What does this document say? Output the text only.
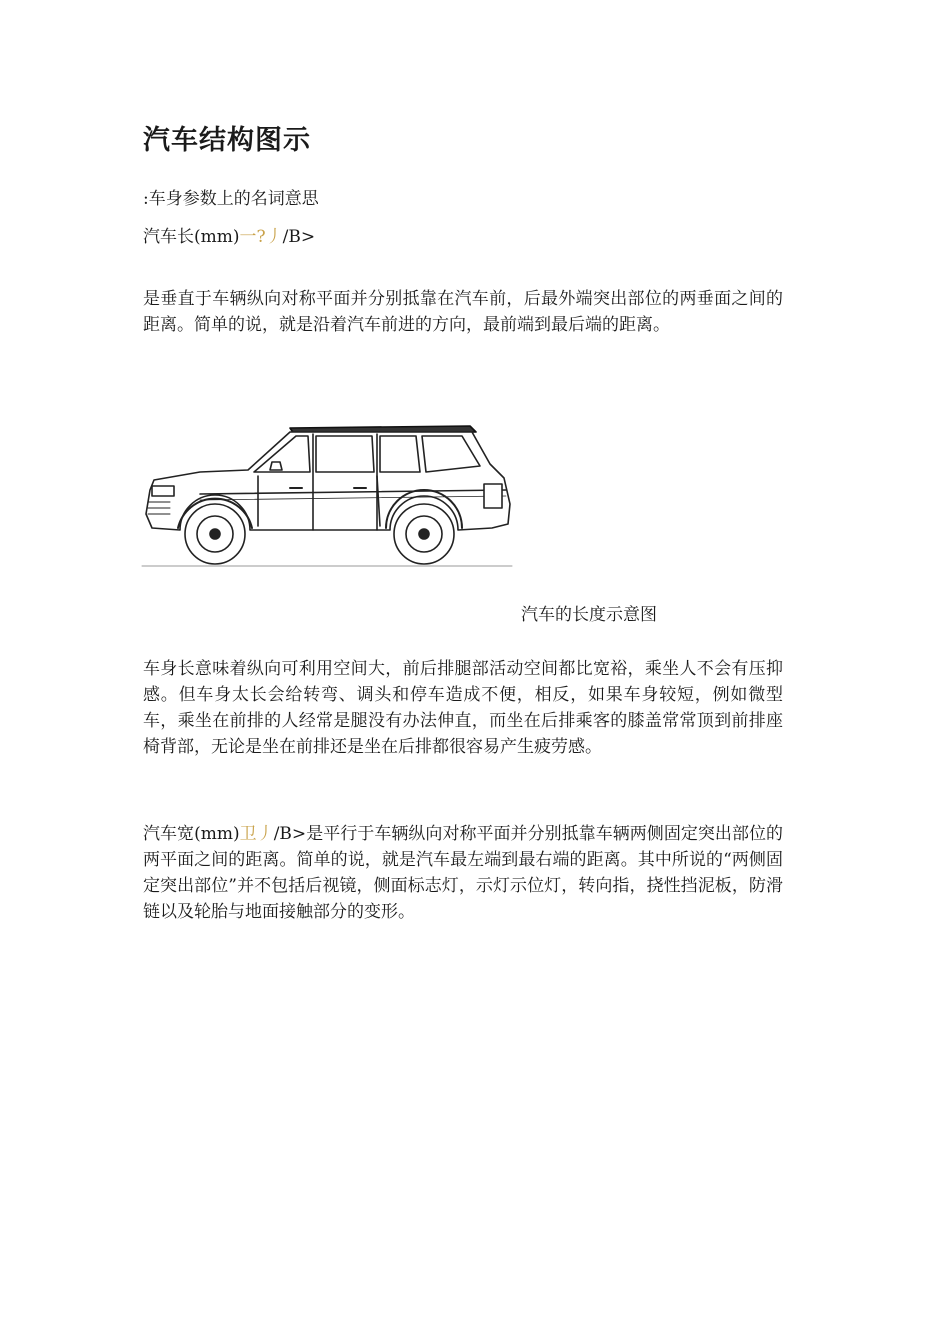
汽车结构图示
:车身参数上的名词意思
汽车长(mm)一?丿/B>

是垂直于车辆纵向对称平面并分别抵靠在汽车前，后最外端突出部位的两垂面之间的距离。简单的说，就是沿着汽车前进的方向，最前端到最后端的距离。

汽车的长度示意图

车身长意味着纵向可利用空间大，前后排腿部活动空间都比宽裕，乘坐人不会有压抑感。但车身太长会给转弯、调头和停车造成不便，相反，如果车身较短，例如微型车，乘坐在前排的人经常是腿没有办法伸直，而坐在后排乘客的膝盖常常顶到前排座椅背部，无论是坐在前排还是坐在后排都很容易产生疲劳感。

汽车宽(mm)卫丿/B>是平行于车辆纵向对称平面并分别抵靠车辆两侧固定突出部位的两平面之间的距离。简单的说，就是汽车最左端到最右端的距离。其中所说的“两侧固定突出部位”并不包括后视镜，侧面标志灯，示灯示位灯，转向指，挠性挡泥板，防滑链以及轮胎与地面接触部分的变形。
